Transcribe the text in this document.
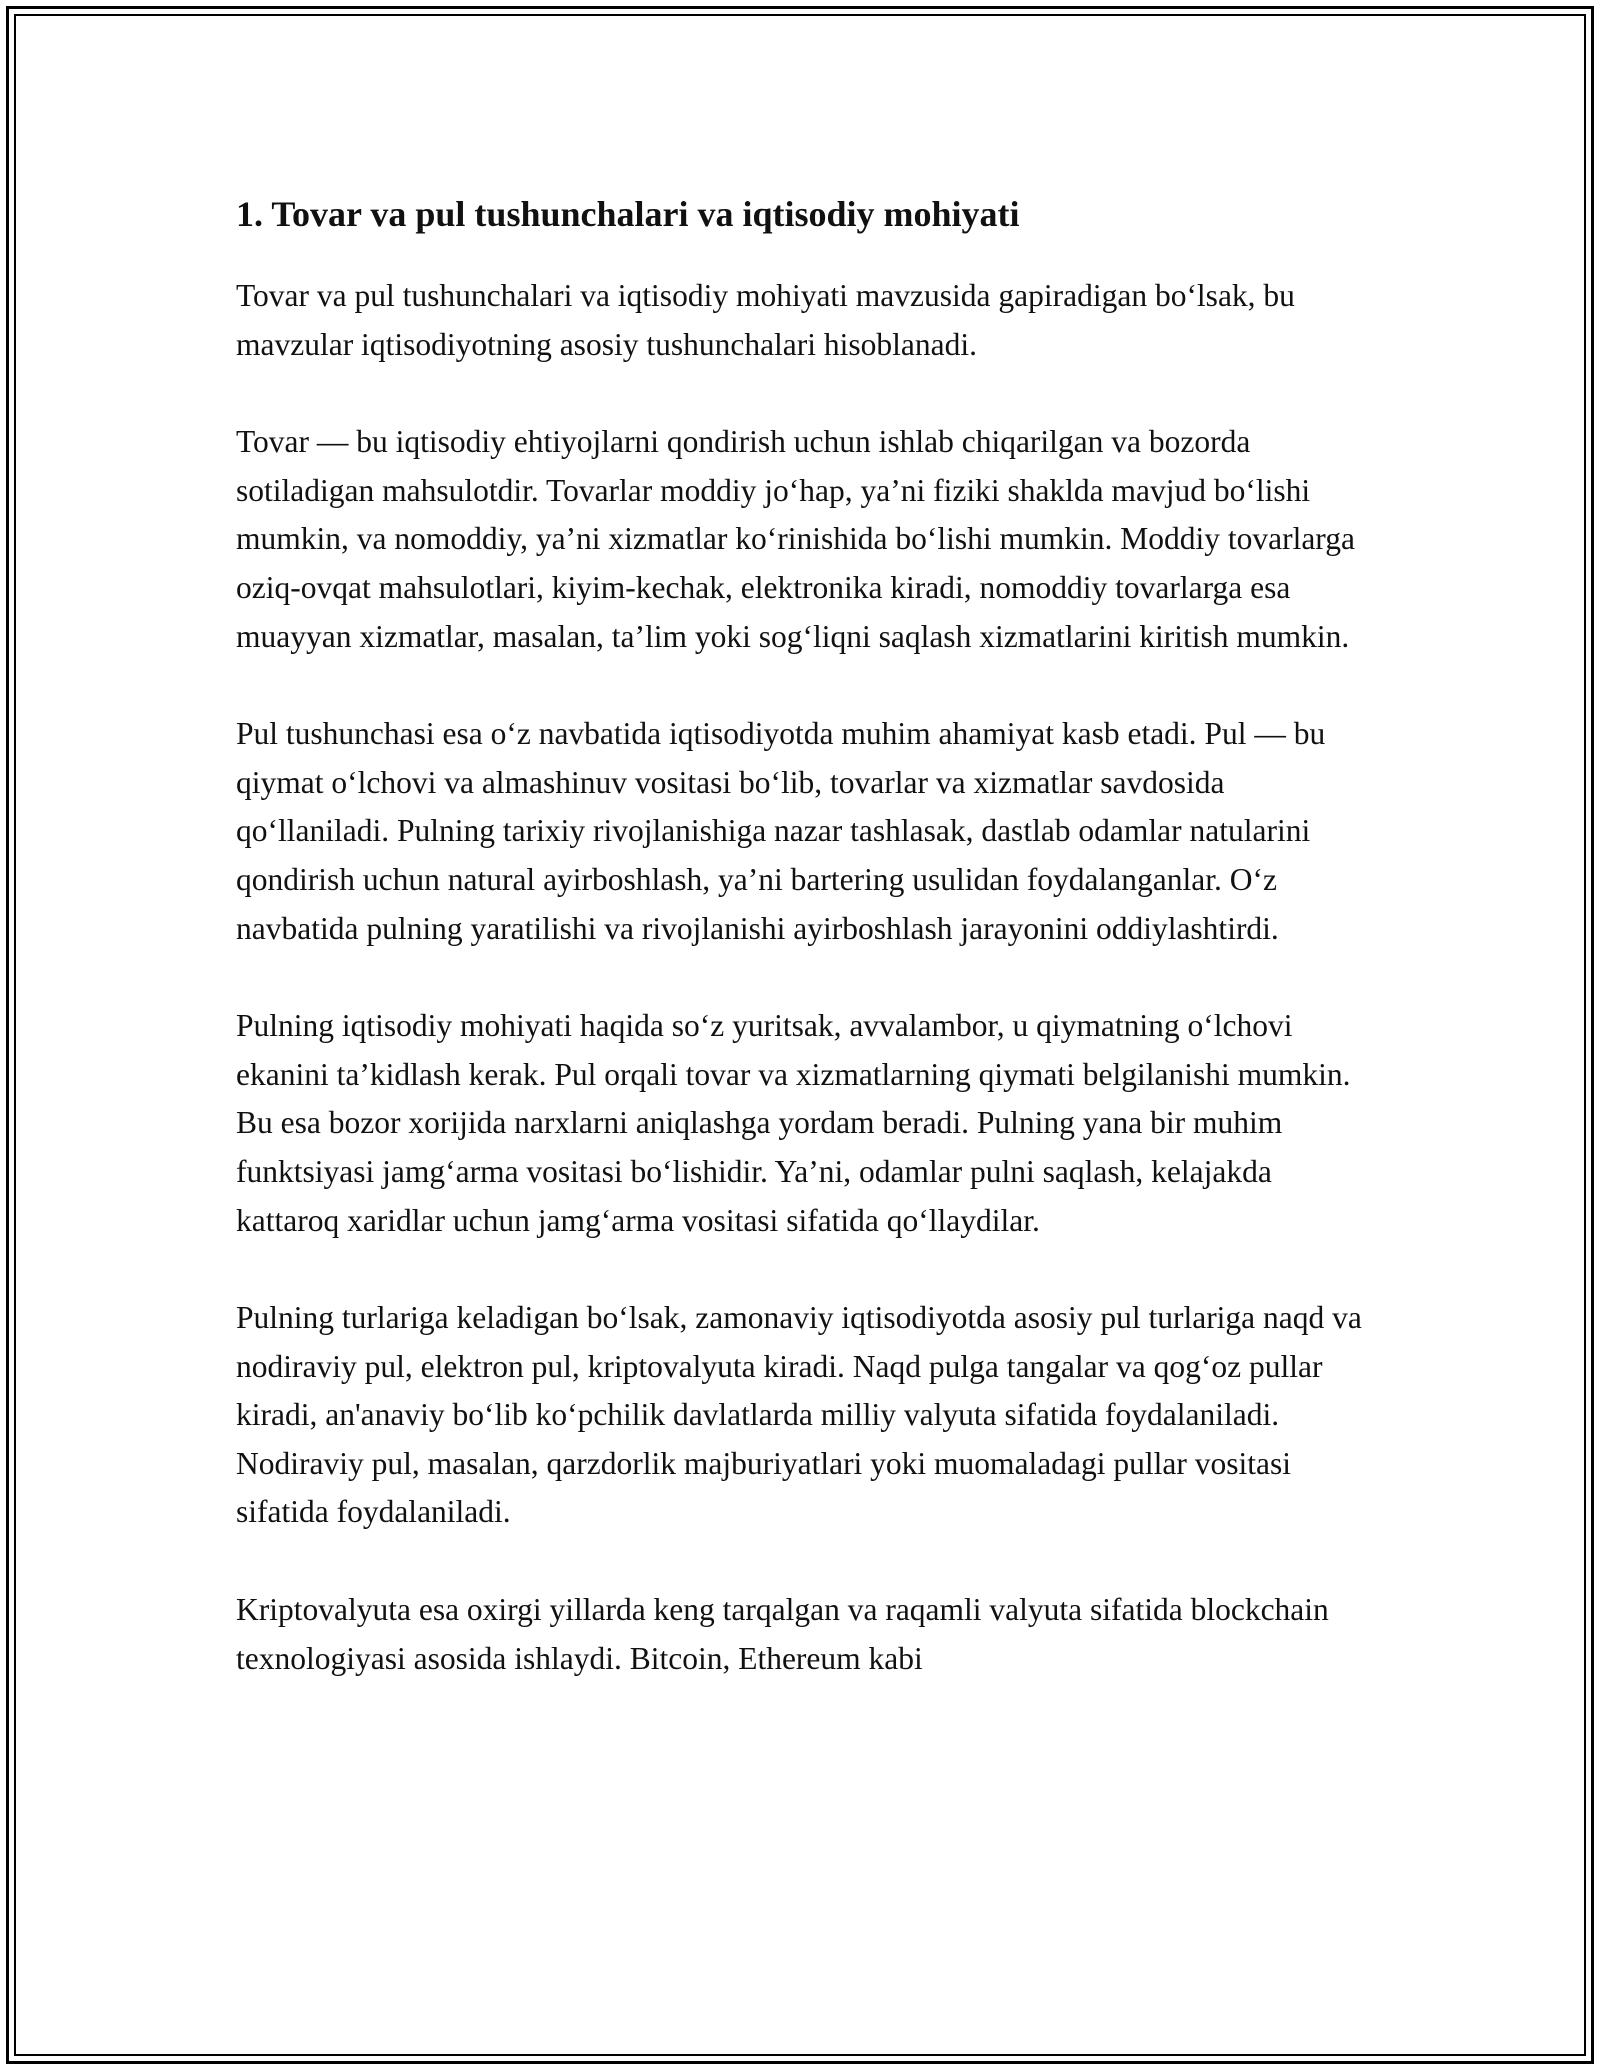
1. Tovar va pul tushunchalari va iqtisodiy mohiyati

Tovar va pul tushunchalari va iqtisodiy mohiyati mavzusida gapiradigan bo‘lsak, bu mavzular iqtisodiyotning asosiy tushunchalari hisoblanadi.

Tovar — bu iqtisodiy ehtiyojlarni qondirish uchun ishlab chiqarilgan va bozorda sotiladigan mahsulotdir. Tovarlar moddiy jo‘hap, ya’ni fiziki shaklda mavjud bo‘lishi mumkin, va nomoddiy, ya’ni xizmatlar ko‘rinishida bo‘lishi mumkin. Moddiy tovarlarga oziq-ovqat mahsulotlari, kiyim-kechak, elektronika kiradi, nomoddiy tovarlarga esa muayyan xizmatlar, masalan, ta’lim yoki sog‘liqni saqlash xizmatlarini kiritish mumkin.

Pul tushunchasi esa o‘z navbatida iqtisodiyotda muhim ahamiyat kasb etadi. Pul — bu qiymat o‘lchovi va almashinuv vositasi bo‘lib, tovarlar va xizmatlar savdosida qo‘llaniladi. Pulning tarixiy rivojlanishiga nazar tashlasak, dastlab odamlar natularini qondirish uchun natural ayirboshlash, ya’ni bartering usulidan foydalanganlar. O‘z navbatida pulning yaratilishi va rivojlanishi ayirboshlash jarayonini oddiylashtirdi.

Pulning iqtisodiy mohiyati haqida so‘z yuritsak, avvalambor, u qiymatning o‘lchovi ekanini ta’kidlash kerak. Pul orqali tovar va xizmatlarning qiymati belgilanishi mumkin. Bu esa bozor xorijida narxlarni aniqlashga yordam beradi. Pulning yana bir muhim funktsiyasi jamg‘arma vositasi bo‘lishidir. Ya’ni, odamlar pulni saqlash, kelajakda kattaroq xaridlar uchun jamg‘arma vositasi sifatida qo‘llaydilar.

Pulning turlariga keladigan bo‘lsak, zamonaviy iqtisodiyotda asosiy pul turlariga naqd va nodiraviy pul, elektron pul, kriptovalyuta kiradi. Naqd pulga tangalar va qog‘oz pullar kiradi, an'anaviy bo‘lib ko‘pchilik davlatlarda milliy valyuta sifatida foydalaniladi. Nodiraviy pul, masalan, qarzdorlik majburiyatlari yoki muomaladagi pullar vositasi sifatida foydalaniladi.

Kriptovalyuta esa oxirgi yillarda keng tarqalgan va raqamli valyuta sifatida blockchain texnologiyasi asosida ishlaydi. Bitcoin, Ethereum kabi
